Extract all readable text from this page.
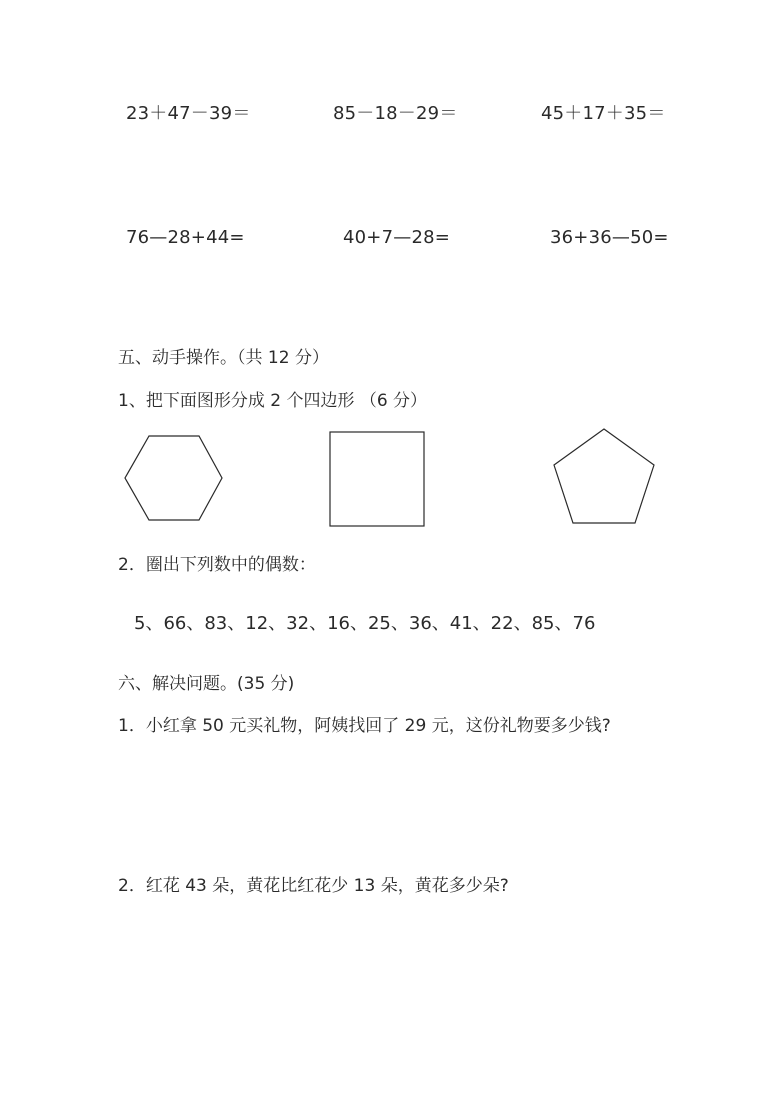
23＋47－39＝	85－18－29＝	45＋17＋35＝
76—28+44=	40+7—28=	36+36—50=
五、动手操作。（共 12 分）
1、把下面图形分成 2 个四边形 （6 分）
2．圈出下列数中的偶数：
5、66、83、12、32、16、25、36、41、22、85、76
六、解决问题。(35 分)
1．小红拿 50 元买礼物，阿姨找回了 29 元，这份礼物要多少钱?
2．红花 43 朵，黄花比红花少 13 朵，黄花多少朵?
